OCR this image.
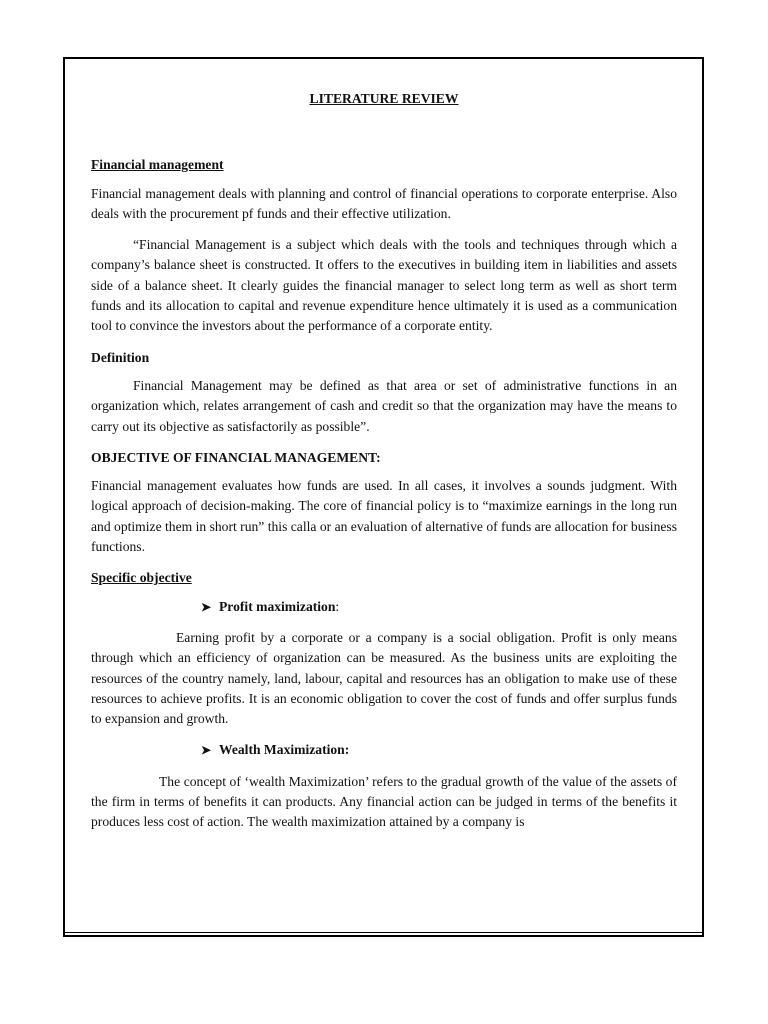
LITERATURE REVIEW
Financial management

Financial management deals with planning and control of financial operations to corporate enterprise. Also deals with the procurement pf funds and their effective utilization.

“Financial Management is a subject which deals with the tools and techniques through which a company’s balance sheet is constructed. It offers to the executives in building item in liabilities and assets side of a balance sheet. It clearly guides the financial manager to select long term as well as short term funds and its allocation to capital and revenue expenditure hence ultimately it is used as a communication tool to convince the investors about the performance of a corporate entity.

Definition

Financial Management may be defined as that area or set of administrative functions in an organization which, relates arrangement of cash and credit so that the organization may have the means to carry out its objective as satisfactorily as possible”.

OBJECTIVE OF FINANCIAL MANAGEMENT:

Financial management evaluates how funds are used. In all cases, it involves a sounds judgment. With logical approach of decision-making. The core of financial policy is to “maximize earnings in the long run and optimize them in short run” this calla or an evaluation of alternative of funds are allocation for business functions.

Specific objective
➤ Profit maximization:

Earning profit by a corporate or a company is a social obligation. Profit is only means through which an efficiency of organization can be measured. As the business units are exploiting the resources of the country namely, land, labour, capital and resources has an obligation to make use of these resources to achieve profits. It is an economic obligation to cover the cost of funds and offer surplus funds to expansion and growth.

➤ Wealth Maximization:

The concept of ‘wealth Maximization’ refers to the gradual growth of the value of the assets of the firm in terms of benefits it can products. Any financial action can be judged in terms of the benefits it produces less cost of action. The wealth maximization attained by a company is
